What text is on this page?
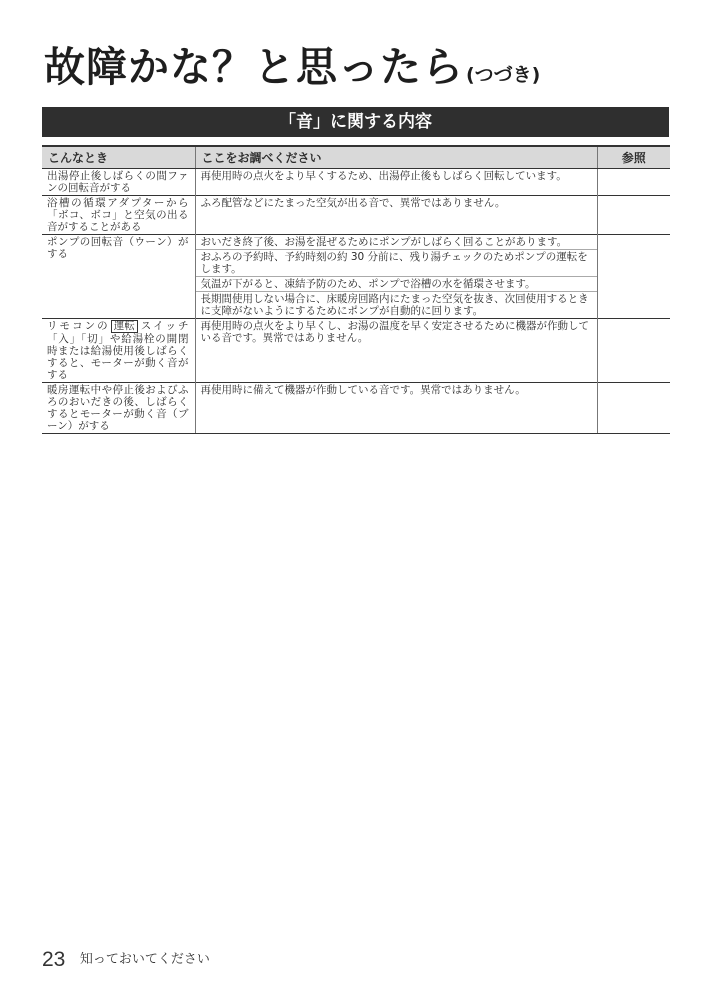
故障かな？と思ったら (つづき)
「音」に関する内容
こんなとき	ここをお調べください	参照
出湯停止後しばらくの間ファンの回転音がする	再使用時の点火をより早くするため、出湯停止後もしばらく回転しています。	
浴槽の循環アダプターから「ボコ、ボコ」と空気の出る音がすることがある	ふろ配管などにたまった空気が出る音で、異常ではありません。	
ポンプの回転音（ウーン）がする	おいだき終了後、お湯を混ぜるためにポンプがしばらく回ることがあります。	
	おふろの予約時、予約時刻の約 30 分前に、残り湯チェックのためポンプの運転をします。	
	気温が下がると、凍結予防のため、ポンプで浴槽の水を循環させます。	
	長期間使用しない場合に、床暖房回路内にたまった空気を抜き、次回使用するときに支障がないようにするためにポンプが自動的に回ります。	
リモコンの 運転 スイッチ「入」「切」や給湯栓の開閉時または給湯使用後しばらくすると、モーターが動く音がする	再使用時の点火をより早くし、お湯の温度を早く安定させるために機器が作動している音です。異常ではありません。	
暖房運転中や停止後およびふろのおいだきの後、しばらくするとモーターが動く音（ブーン）がする	再使用時に備えて機器が作動している音です。異常ではありません。	
23 知っておいてください
